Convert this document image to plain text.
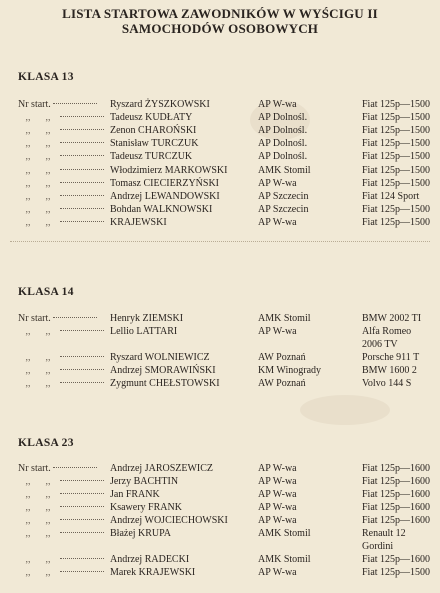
LISTA STARTOWA ZAWODNIKÓW W WYŚCIGU II
SAMOCHODÓW OSOBOWYCH
KLASA 13
Nr start.	Ryszard ŻYSZKOWSKI	AP W-wa	Fiat 125p—1500
,, ,,	Tadeusz KUDŁATY	AP Dolnośl.	Fiat 125p—1500
,, ,,	Zenon CHAROŃSKI	AP Dolnośl.	Fiat 125p—1500
,, ,,	Stanisław TURCZUK	AP Dolnośl.	Fiat 125p—1500
,, ,,	Tadeusz TURCZUK	AP Dolnośl.	Fiat 125p—1500
,, ,,	Włodzimierz MARKOWSKI	AMK Stomil	Fiat 125p—1500
,, ,,	Tomasz CIECIERZYŃSKI	AP W-wa	Fiat 125p—1500
,, ,,	Andrzej LEWANDOWSKI	AP Szczecin	Fiat 124 Sport
,, ,,	Bohdan WALKNOWSKI	AP Szczecin	Fiat 125p—1500
,, ,,	KRAJEWSKI	AP W-wa	Fiat 125p—1500
KLASA 14
Nr start.	Henryk ZIEMSKI	AMK Stomil	BMW 2002 TI
,, ,,	Lellio LATTARI	AP W-wa	Alfa Romeo
2006 TV
,, ,,	Ryszard WOLNIEWICZ	AW Poznań	Porsche 911 T
,, ,,	Andrzej SMORAWIŃSKI	KM Winogrady	BMW 1600 2
,, ,,	Zygmunt CHEŁSTOWSKI	AW Poznań	Volvo 144 S
KLASA 23
Nr start.	Andrzej JAROSZEWICZ	AP W-wa	Fiat 125p—1600
,, ,,	Jerzy BACHTIN	AP W-wa	Fiat 125p—1600
,, ,,	Jan FRANK	AP W-wa	Fiat 125p—1600
,, ,,	Ksawery FRANK	AP W-wa	Fiat 125p—1600
,, ,,	Andrzej WOJCIECHOWSKI	AP W-wa	Fiat 125p—1600
,, ,,	Błażej KRUPA	AMK Stomil	Renault 12
Gordini
,, ,,	Andrzej RADECKI	AMK Stomil	Fiat 125p—1600
,, ,,	Marek KRAJEWSKI	AP W-wa	Fiat 125p—1500
